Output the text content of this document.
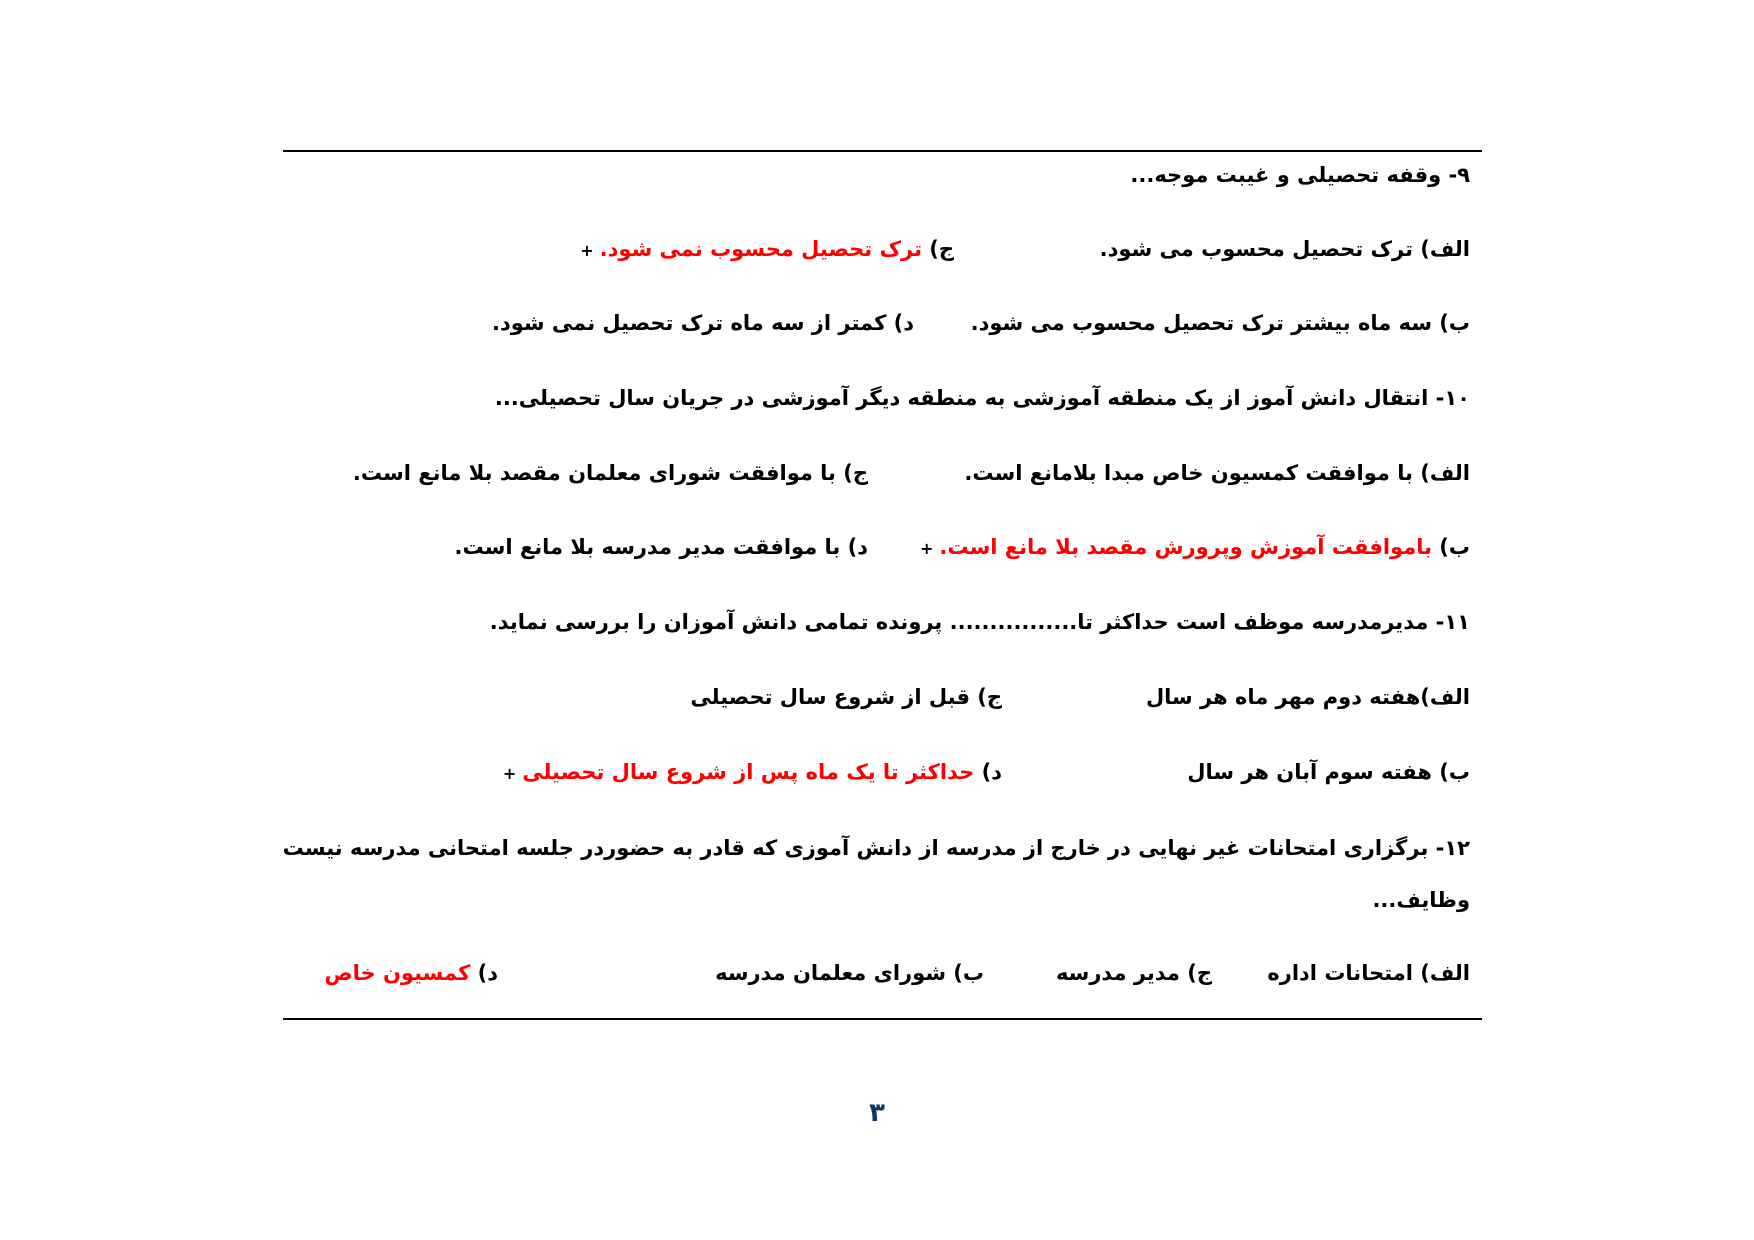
۹- وقفه تحصیلی و غیبت موجه...
الف) ترک تحصیل محسوب می شود.
ج) ترک تحصیل محسوب نمی شود.+
ب) سه ماه بیشتر ترک تحصیل محسوب می شود.
د) کمتر از سه ماه ترک تحصیل نمی شود.
۱۰- انتقال دانش آموز از یک منطقه آموزشی به منطقه دیگر آموزشی در جریان سال تحصیلی...
الف) با موافقت کمسیون خاص مبدا بلامانع است.
ج) با موافقت شورای معلمان مقصد بلا مانع است.
ب) باموافقت آموزش وپرورش مقصد بلا مانع است.+
د) با موافقت مدیر مدرسه بلا مانع است.
۱۱- مدیرمدرسه موظف است حداکثر تا................ پرونده تمامی دانش آموزان را بررسی نماید.
الف)هفته دوم مهر ماه هر سال
ج) قبل از شروع سال تحصیلی
ب) هفته سوم آبان هر سال
د) حداکثر تا یک ماه پس از شروع سال تحصیلی+
۱۲- برگزاری امتحانات غیر نهایی در خارج از مدرسه از دانش آموزی که قادر به حضوردر جلسه امتحانی مدرسه نیست
وظایف...
الف) امتحانات اداره
ج) مدیر مدرسه
ب) شورای معلمان مدرسه
د) کمسیون خاص
۳
